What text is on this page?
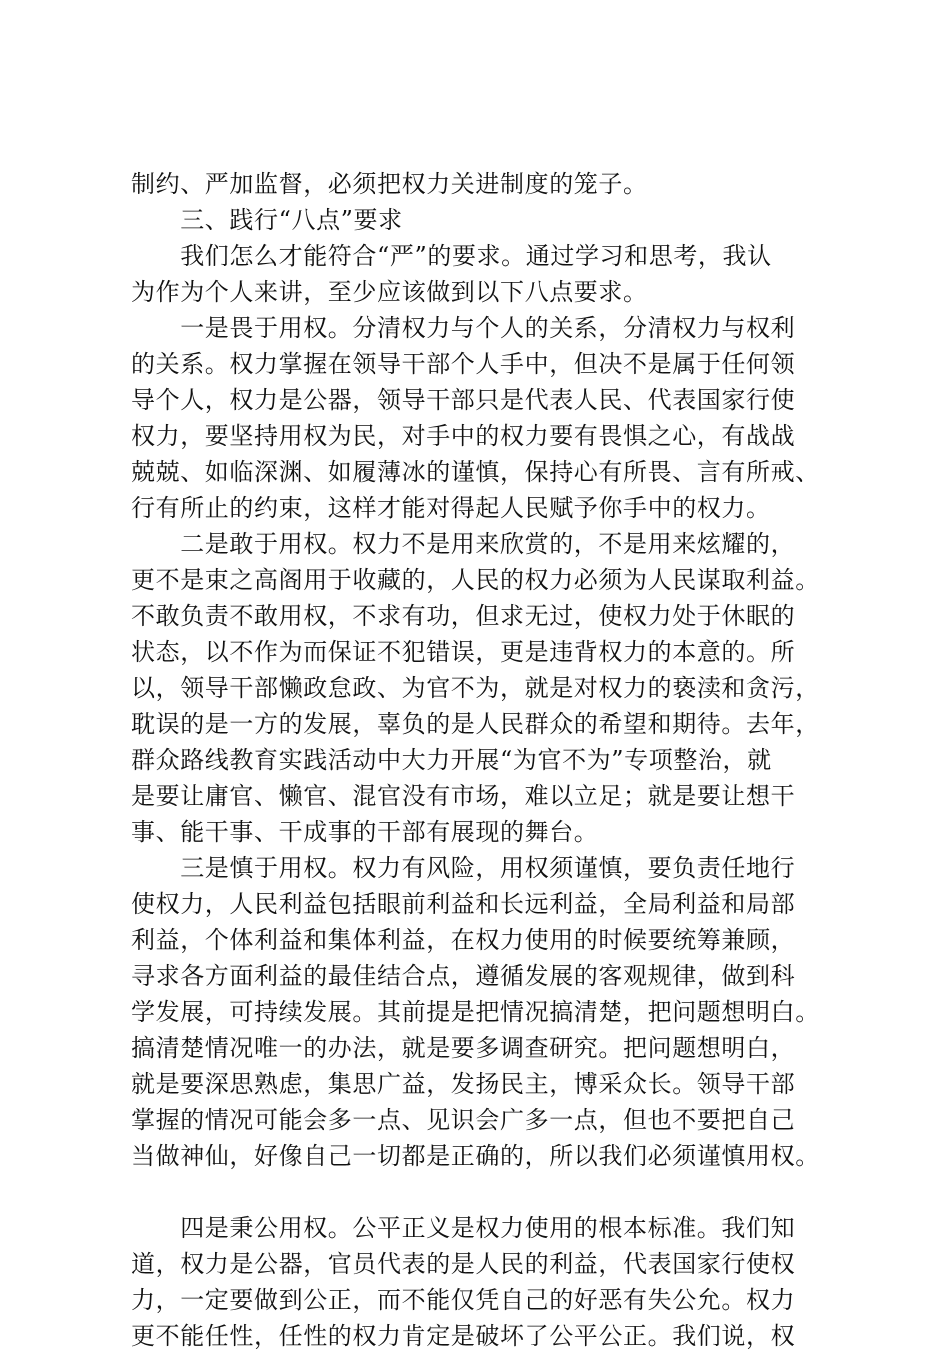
制约、严加监督，必须把权力关进制度的笼子。
　　三、践行“八点”要求
　　我们怎么才能符合“严”的要求。通过学习和思考，我认
为作为个人来讲，至少应该做到以下八点要求。
　　一是畏于用权。分清权力与个人的关系，分清权力与权利
的关系。权力掌握在领导干部个人手中，但决不是属于任何领
导个人，权力是公器，领导干部只是代表人民、代表国家行使
权力，要坚持用权为民，对手中的权力要有畏惧之心，有战战
兢兢、如临深渊、如履薄冰的谨慎，保持心有所畏、言有所戒、
行有所止的约束，这样才能对得起人民赋予你手中的权力。
　　二是敢于用权。权力不是用来欣赏的，不是用来炫耀的，
更不是束之高阁用于收藏的，人民的权力必须为人民谋取利益。
不敢负责不敢用权，不求有功，但求无过，使权力处于休眠的
状态，以不作为而保证不犯错误，更是违背权力的本意的。所
以，领导干部懒政怠政、为官不为，就是对权力的亵渎和贪污，
耽误的是一方的发展，辜负的是人民群众的希望和期待。去年，
群众路线教育实践活动中大力开展“为官不为”专项整治，就
是要让庸官、懒官、混官没有市场，难以立足；就是要让想干
事、能干事、干成事的干部有展现的舞台。
　　三是慎于用权。权力有风险，用权须谨慎，要负责任地行
使权力，人民利益包括眼前利益和长远利益，全局利益和局部
利益，个体利益和集体利益，在权力使用的时候要统筹兼顾，
寻求各方面利益的最佳结合点，遵循发展的客观规律，做到科
学发展，可持续发展。其前提是把情况搞清楚，把问题想明白。
搞清楚情况唯一的办法，就是要多调查研究。把问题想明白，
就是要深思熟虑，集思广益，发扬民主，博采众长。领导干部
掌握的情况可能会多一点、见识会广多一点，但也不要把自己
当做神仙，好像自己一切都是正确的，所以我们必须谨慎用权。
　　四是秉公用权。公平正义是权力使用的根本标准。我们知
道，权力是公器，官员代表的是人民的利益，代表国家行使权
力，一定要做到公正，而不能仅凭自己的好恶有失公允。权力
更不能任性，任性的权力肯定是破坏了公平公正。我们说，权
